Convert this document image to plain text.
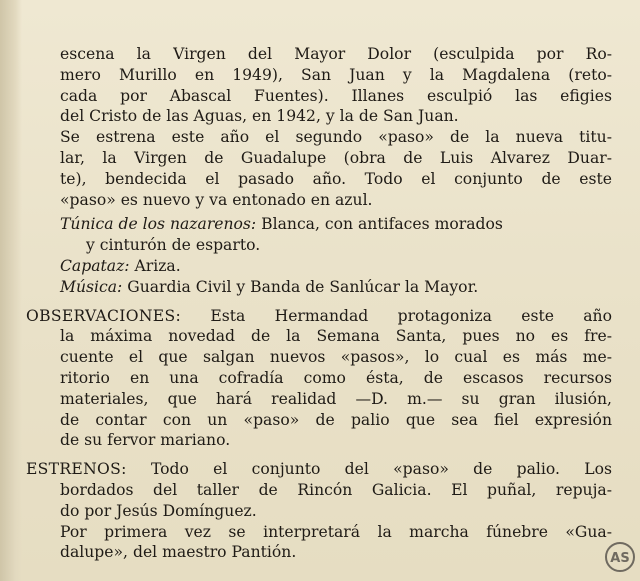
escena la Virgen del Mayor Dolor (esculpida por Ro-
mero Murillo en 1949), San Juan y la Magdalena (reto-
cada por Abascal Fuentes). Illanes esculpió las efigies
del Cristo de las Aguas, en 1942, y la de San Juan.
Se estrena este año el segundo «paso» de la nueva titu-
lar, la Virgen de Guadalupe (obra de Luis Alvarez Duar-
te), bendecida el pasado año. Todo el conjunto de este
«paso» es nuevo y va entonado en azul.
Túnica de los nazarenos: Blanca, con antifaces morados
y cinturón de esparto.
Capataz: Ariza.
Música: Guardia Civil y Banda de Sanlúcar la Mayor.
OBSERVACIONES: Esta Hermandad protagoniza este año
la máxima novedad de la Semana Santa, pues no es fre-
cuente el que salgan nuevos «pasos», lo cual es más me-
ritorio en una cofradía como ésta, de escasos recursos
materiales, que hará realidad —D. m.— su gran ilusión,
de contar con un «paso» de palio que sea fiel expresión
de su fervor mariano.
ESTRENOS: Todo el conjunto del «paso» de palio. Los
bordados del taller de Rincón Galicia. El puñal, repuja-
do por Jesús Domínguez.
Por primera vez se interpretará la marcha fúnebre «Gua-
dalupe», del maestro Pantión.	AS
